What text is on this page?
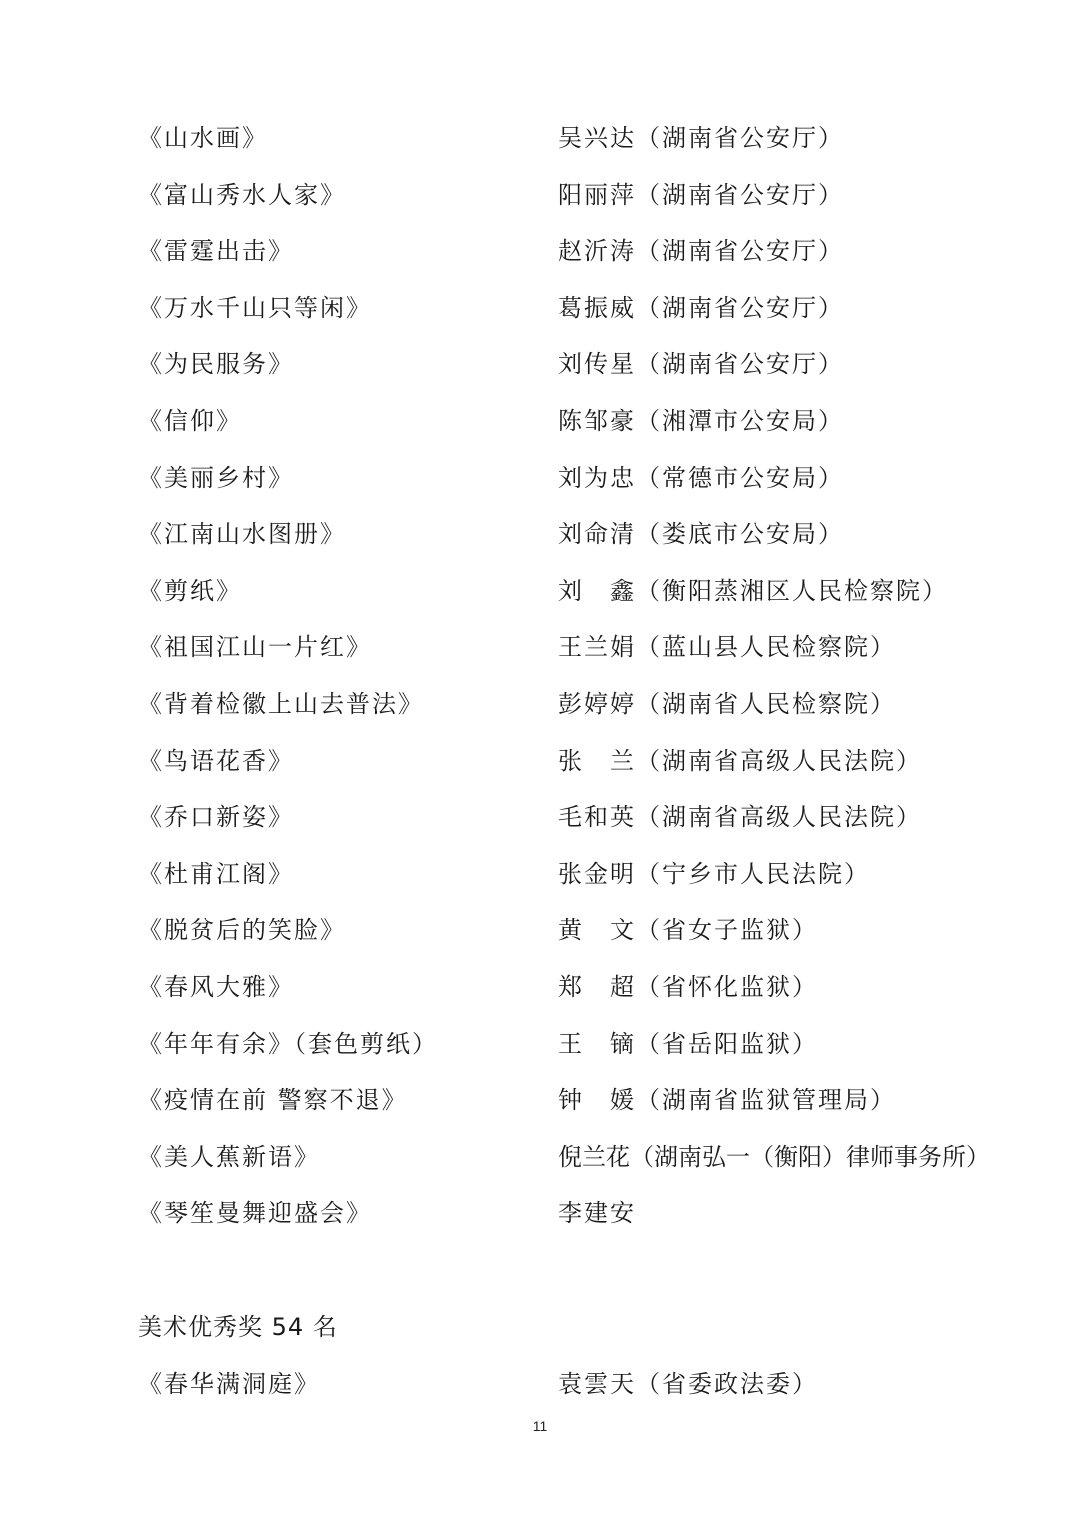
《山水画》	吴兴达（湖南省公安厅）
《富山秀水人家》	阳丽萍（湖南省公安厅）
《雷霆出击》	赵沂涛（湖南省公安厅）
《万水千山只等闲》	葛振威（湖南省公安厅）
《为民服务》	刘传星（湖南省公安厅）
《信仰》	陈邹豪（湘潭市公安局）
《美丽乡村》	刘为忠（常德市公安局）
《江南山水图册》	刘命清（娄底市公安局）
《剪纸》	刘　鑫（衡阳蒸湘区人民检察院）
《祖国江山一片红》	王兰娟（蓝山县人民检察院）
《背着检徽上山去普法》	彭婷婷（湖南省人民检察院）
《鸟语花香》	张　兰（湖南省高级人民法院）
《乔口新姿》	毛和英（湖南省高级人民法院）
《杜甫江阁》	张金明（宁乡市人民法院）
《脱贫后的笑脸》	黄　文（省女子监狱）
《春风大雅》	郑　超（省怀化监狱）
《年年有余》（套色剪纸）	王　镝（省岳阳监狱）
《疫情在前 警察不退》	钟　媛（湖南省监狱管理局）
《美人蕉新语》	倪兰花（湖南弘一（衡阳）律师事务所）
《琴笙曼舞迎盛会》	李建安
美术优秀奖 54 名
《春华满洞庭》	袁雲天（省委政法委）
11
